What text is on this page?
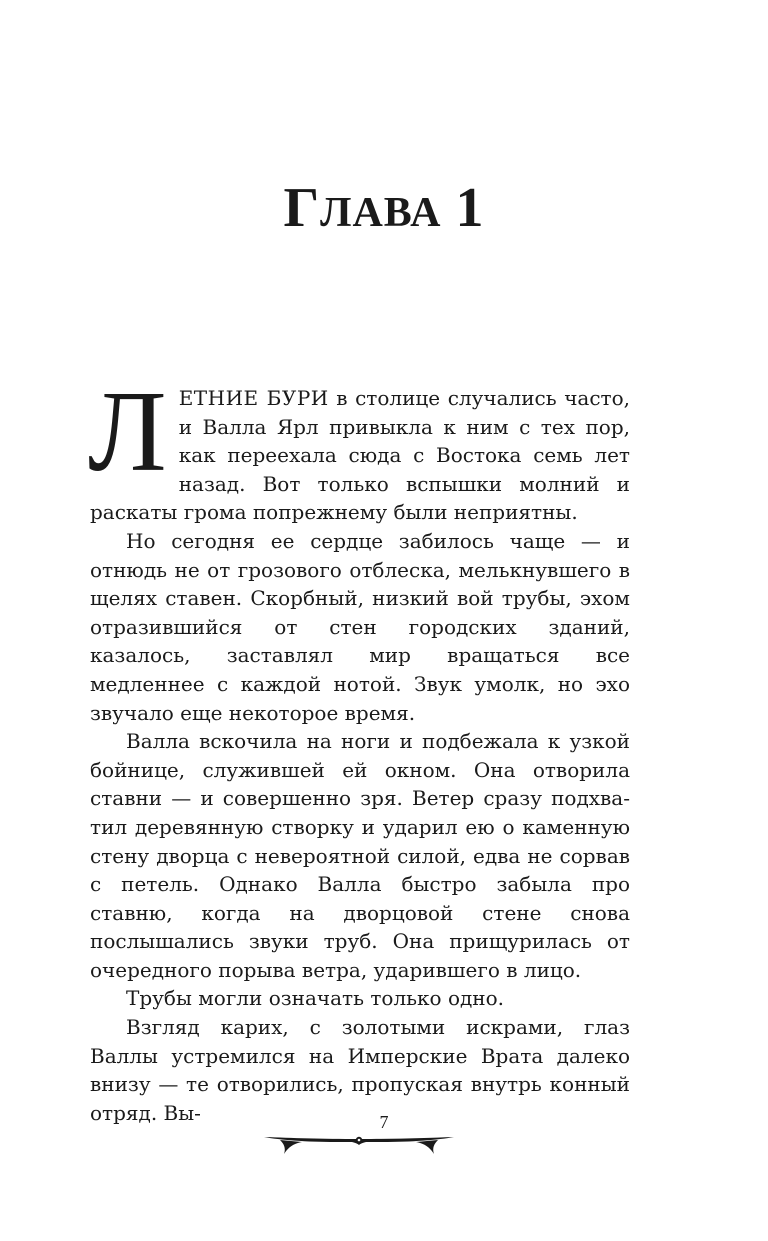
ГЛАВА 1

ЛЕТНИЕ БУРИ в столице случались часто, и Валла Ярл привыкла к ним с тех пор, как переехала сюда с Востока семь лет назад. Вот только вспышки молний и раскаты грома попрежнему были неприятны.

Но сегодня ее сердце забилось чаще — и отнюдь не от грозового отблеска, мелькнувшего в щелях ставен. Скорбный, низкий вой трубы, эхом отразившийся от стен городских зданий, казалось, заставлял мир вращаться все медленнее с каждой нотой. Звук умолк, но эхо звучало еще некоторое время.

Валла вскочила на ноги и подбежала к узкой бойнице, служившей ей окном. Она отворила ставни — и совершенно зря. Ветер сразу подхватил деревянную створку и ударил ею о каменную стену дворца с невероятной силой, едва не сорвав с петель. Однако Валла быстро забыла про ставню, когда на дворцовой стене снова послышались звуки труб. Она прищурилась от очередного порыва ветра, ударившего в лицо.

Трубы могли означать только одно.

Взгляд карих, с золотыми искрами, глаз Валлы устремился на Имперские Врата далеко внизу — те отворились, пропуская внутрь конный отряд. Вы-	7
